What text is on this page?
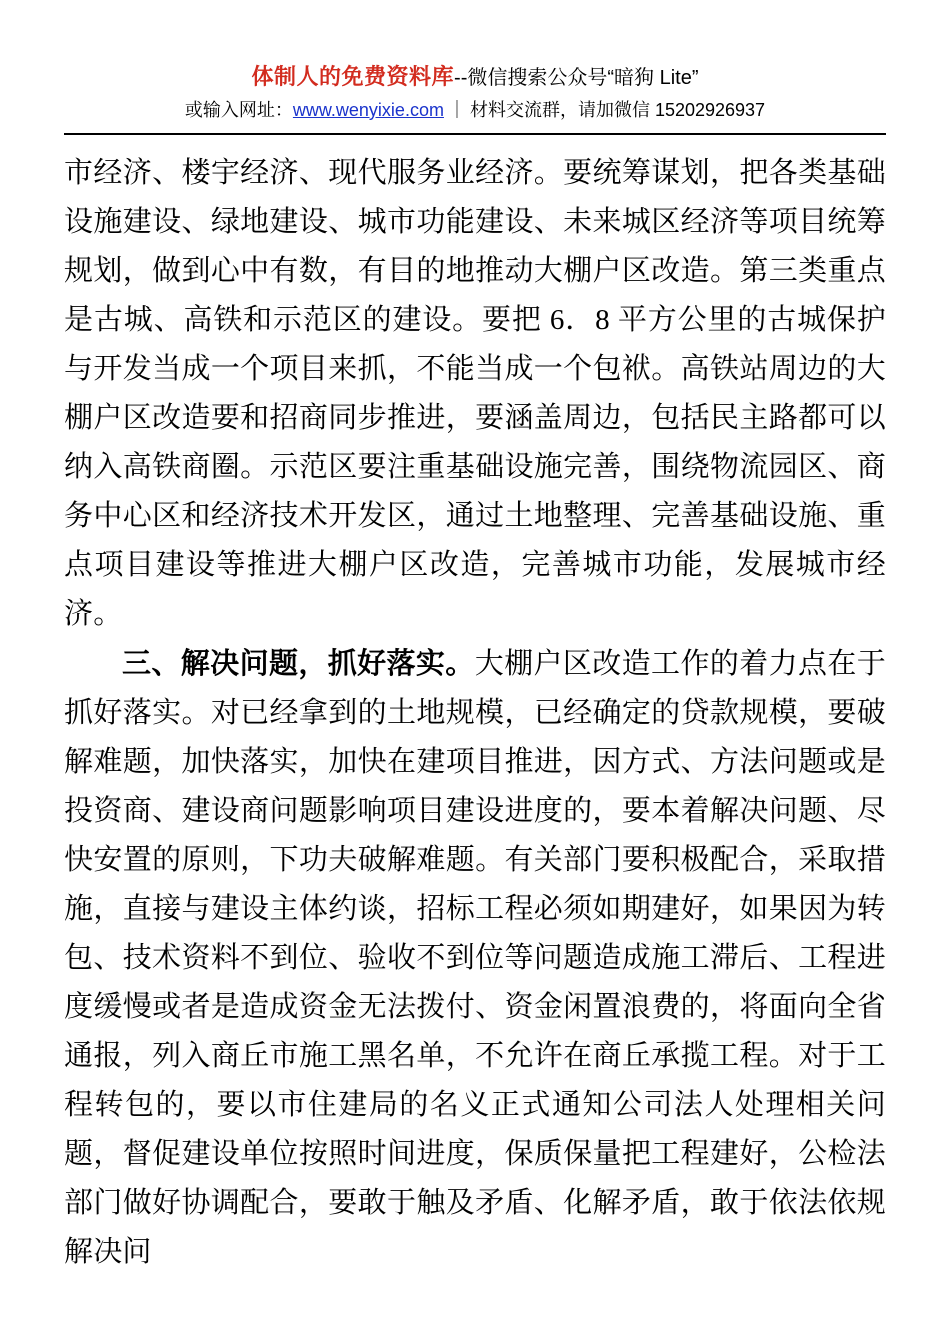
体制人的免费资料库--微信搜索公众号“暗狗 Lite”
或输入网址：www.wenyixie.com ｜ 材料交流群，请加微信 15202926937

市经济、楼宇经济、现代服务业经济。要统筹谋划，把各类基础设施建设、绿地建设、城市功能建设、未来城区经济等项目统筹规划，做到心中有数，有目的地推动大棚户区改造。第三类重点是古城、高铁和示范区的建设。要把 6．8 平方公里的古城保护与开发当成一个项目来抓，不能当成一个包袱。高铁站周边的大棚户区改造要和招商同步推进，要涵盖周边，包括民主路都可以纳入高铁商圈。示范区要注重基础设施完善，围绕物流园区、商务中心区和经济技术开发区，通过土地整理、完善基础设施、重点项目建设等推进大棚户区改造，完善城市功能，发展城市经济。

三、解决问题，抓好落实。大棚户区改造工作的着力点在于抓好落实。对已经拿到的土地规模，已经确定的贷款规模，要破解难题，加快落实，加快在建项目推进，因方式、方法问题或是投资商、建设商问题影响项目建设进度的，要本着解决问题、尽快安置的原则，下功夫破解难题。有关部门要积极配合，采取措施，直接与建设主体约谈，招标工程必须如期建好，如果因为转包、技术资料不到位、验收不到位等问题造成施工滞后、工程进度缓慢或者是造成资金无法拨付、资金闲置浪费的，将面向全省通报，列入商丘市施工黑名单，不允许在商丘承揽工程。对于工程转包的，要以市住建局的名义正式通知公司法人处理相关问题，督促建设单位按照时间进度，保质保量把工程建好，公检法部门做好协调配合，要敢于触及矛盾、化解矛盾，敢于依法依规解决问
